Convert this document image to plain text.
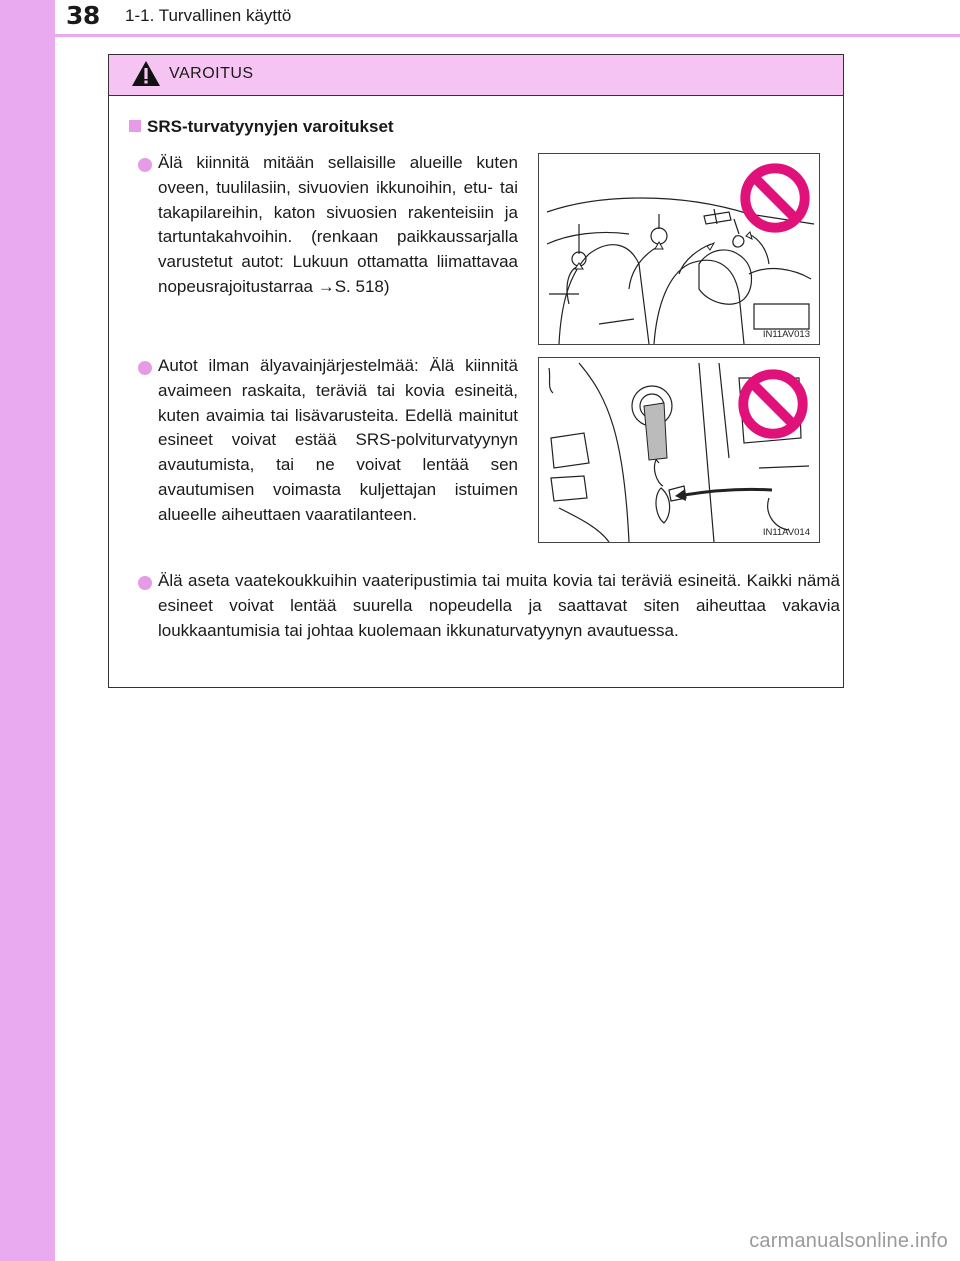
38 1-1. Turvallinen käyttö
VAROITUS
SRS-turvatyynyjen varoitukset

Älä kiinnitä mitään sellaisille alueille kuten oveen, tuulilasiin, sivuovien ikkunoihin, etu- tai takapilareihin, katon sivuosien rakenteisiin ja tartuntakahvoihin. (renkaan paikkaussarjalla varustetut autot: Lukuun ottamatta liimattavaa nopeusrajoitustarraa →S. 518)

IN11AV013

Autot ilman älyavainjärjestelmää: Älä kiinnitä avaimeen raskaita, teräviä tai kovia esineitä, kuten avaimia tai lisävarusteita. Edellä mainitut esineet voivat estää SRS-polviturvatyynyn avautumista, tai ne voivat lentää sen avautumisen voimasta kuljettajan istuimen alueelle aiheuttaen vaaratilanteen.

IN11AV014

Älä aseta vaatekoukkuihin vaateripustimia tai muita kovia tai teräviä esineitä. Kaikki nämä esineet voivat lentää suurella nopeudella ja saattavat siten aiheuttaa vakavia loukkaantumisia tai johtaa kuolemaan ikkunaturvatyynyn avautuessa.

carmanualsonline.info
